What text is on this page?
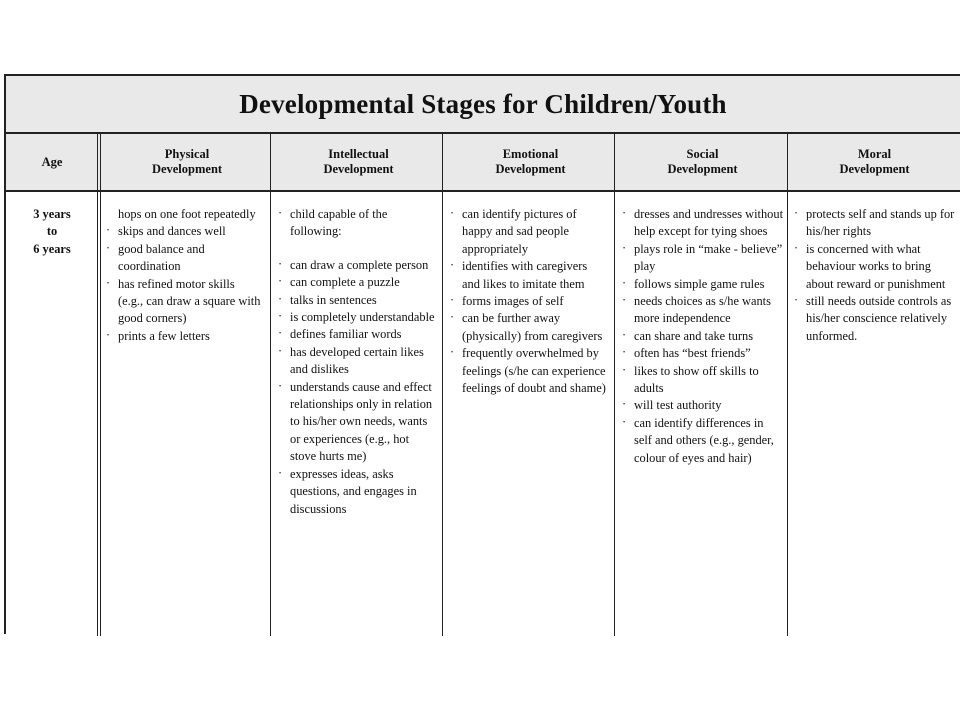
Developmental Stages for Children/Youth
Age
Physical
Development
Intellectual
Development
Emotional
Development
Social
Development
Moral
Development
3 years
to
6 years
hops on one foot repeatedly
· skips and dances well
· good balance and coordination
· has refined motor skills (e.g., can draw a square with good corners)
· prints a few letters
· child capable of the following:
· can draw a complete person
· can complete a puzzle
· talks in sentences
· is completely understandable
· defines familiar words
· has developed certain likes and dislikes
· understands cause and effect relationships only in relation to his/her own needs, wants or experiences (e.g., hot stove hurts me)
· expresses ideas, asks questions, and engages in discussions
· can identify pictures of happy and sad people appropriately
· identifies with caregivers and likes to imitate them
· forms images of self
· can be further away (physically) from caregivers
· frequently overwhelmed by feelings (s/he can experience feelings of doubt and shame)
· dresses and undresses without help except for tying shoes
· plays role in “make - believe” play
· follows simple game rules
· needs choices as s/he wants more independence
· can share and take turns
· often has “best friends”
· likes to show off skills to adults
· will test authority
· can identify differences in self and others (e.g., gender, colour of eyes and hair)
· protects self and stands up for his/her rights
· is concerned with what behaviour works to bring about reward or punishment
· still needs outside controls as his/her conscience relatively unformed.
